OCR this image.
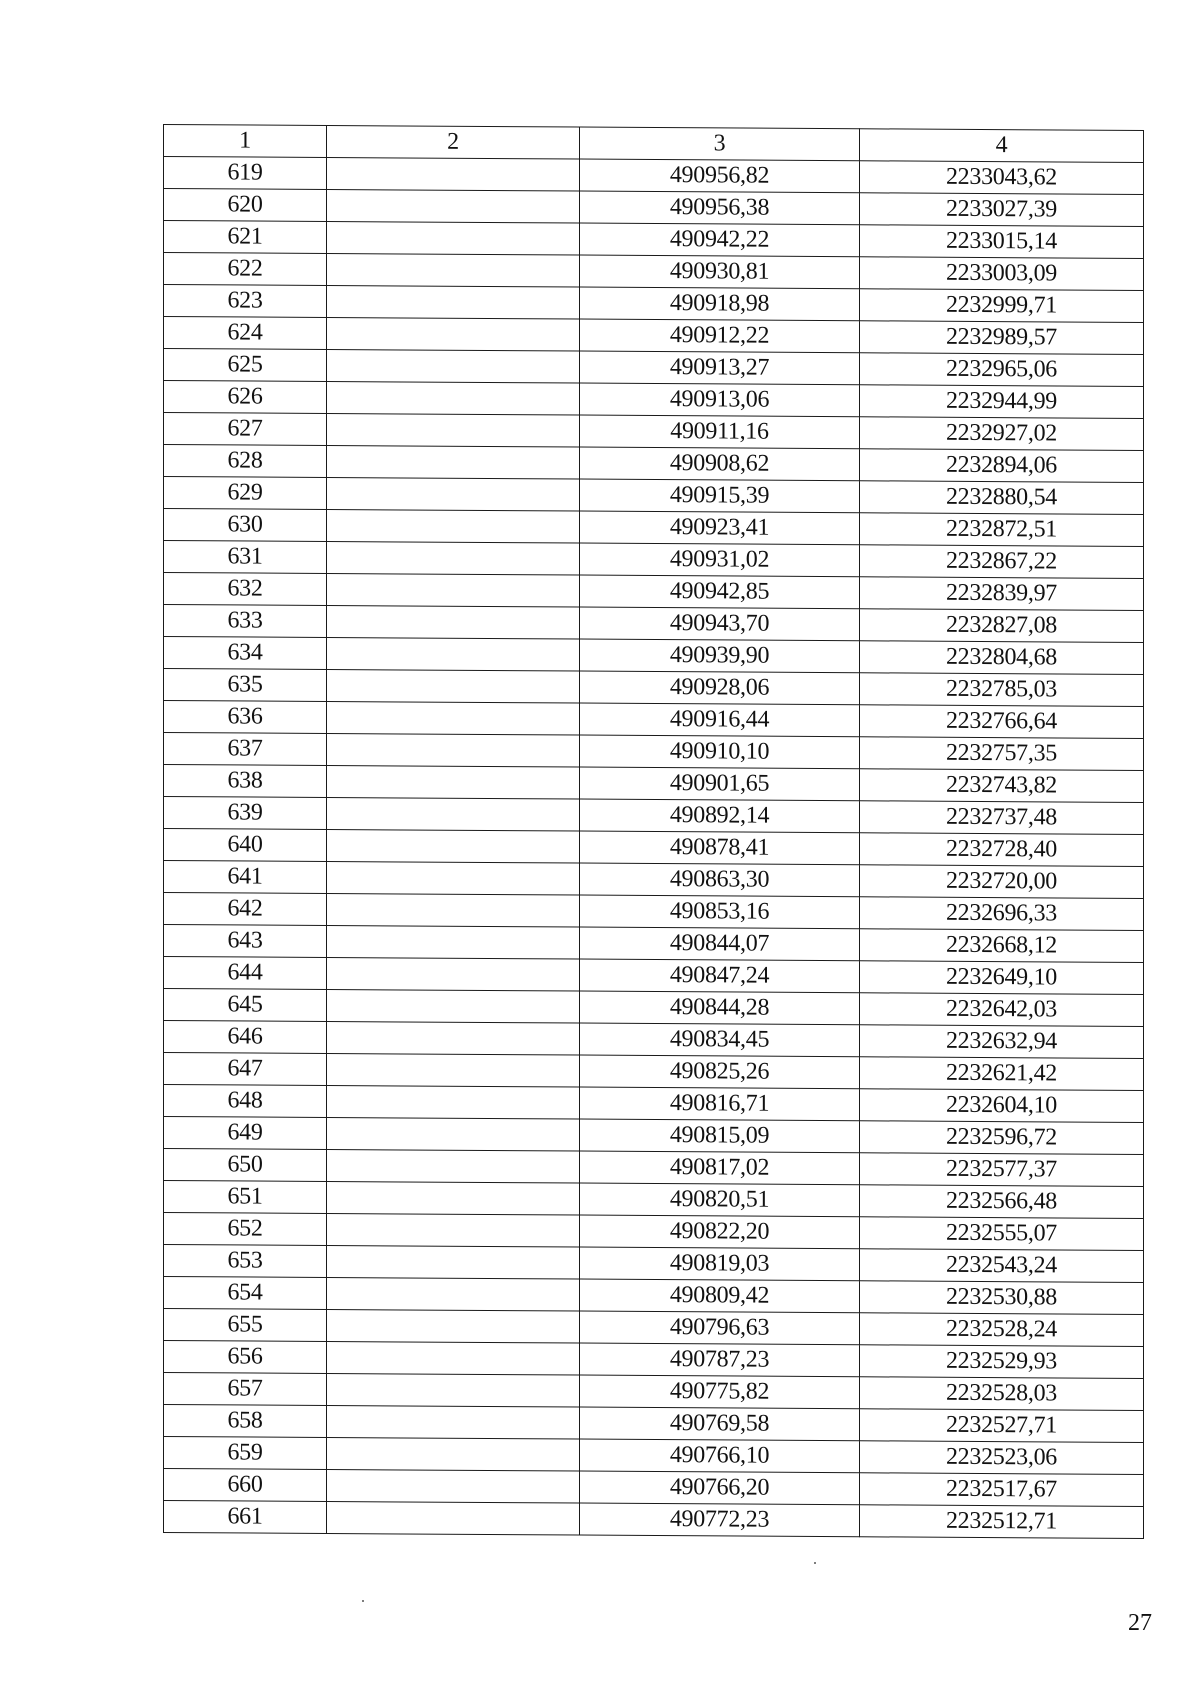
1	2	3	4
619		490956,82	2233043,62
620		490956,38	2233027,39
621		490942,22	2233015,14
622		490930,81	2233003,09
623		490918,98	2232999,71
624		490912,22	2232989,57
625		490913,27	2232965,06
626		490913,06	2232944,99
627		490911,16	2232927,02
628		490908,62	2232894,06
629		490915,39	2232880,54
630		490923,41	2232872,51
631		490931,02	2232867,22
632		490942,85	2232839,97
633		490943,70	2232827,08
634		490939,90	2232804,68
635		490928,06	2232785,03
636		490916,44	2232766,64
637		490910,10	2232757,35
638		490901,65	2232743,82
639		490892,14	2232737,48
640		490878,41	2232728,40
641		490863,30	2232720,00
642		490853,16	2232696,33
643		490844,07	2232668,12
644		490847,24	2232649,10
645		490844,28	2232642,03
646		490834,45	2232632,94
647		490825,26	2232621,42
648		490816,71	2232604,10
649		490815,09	2232596,72
650		490817,02	2232577,37
651		490820,51	2232566,48
652		490822,20	2232555,07
653		490819,03	2232543,24
654		490809,42	2232530,88
655		490796,63	2232528,24
656		490787,23	2232529,93
657		490775,82	2232528,03
658		490769,58	2232527,71
659		490766,10	2232523,06
660		490766,20	2232517,67
661		490772,23	2232512,71
27
